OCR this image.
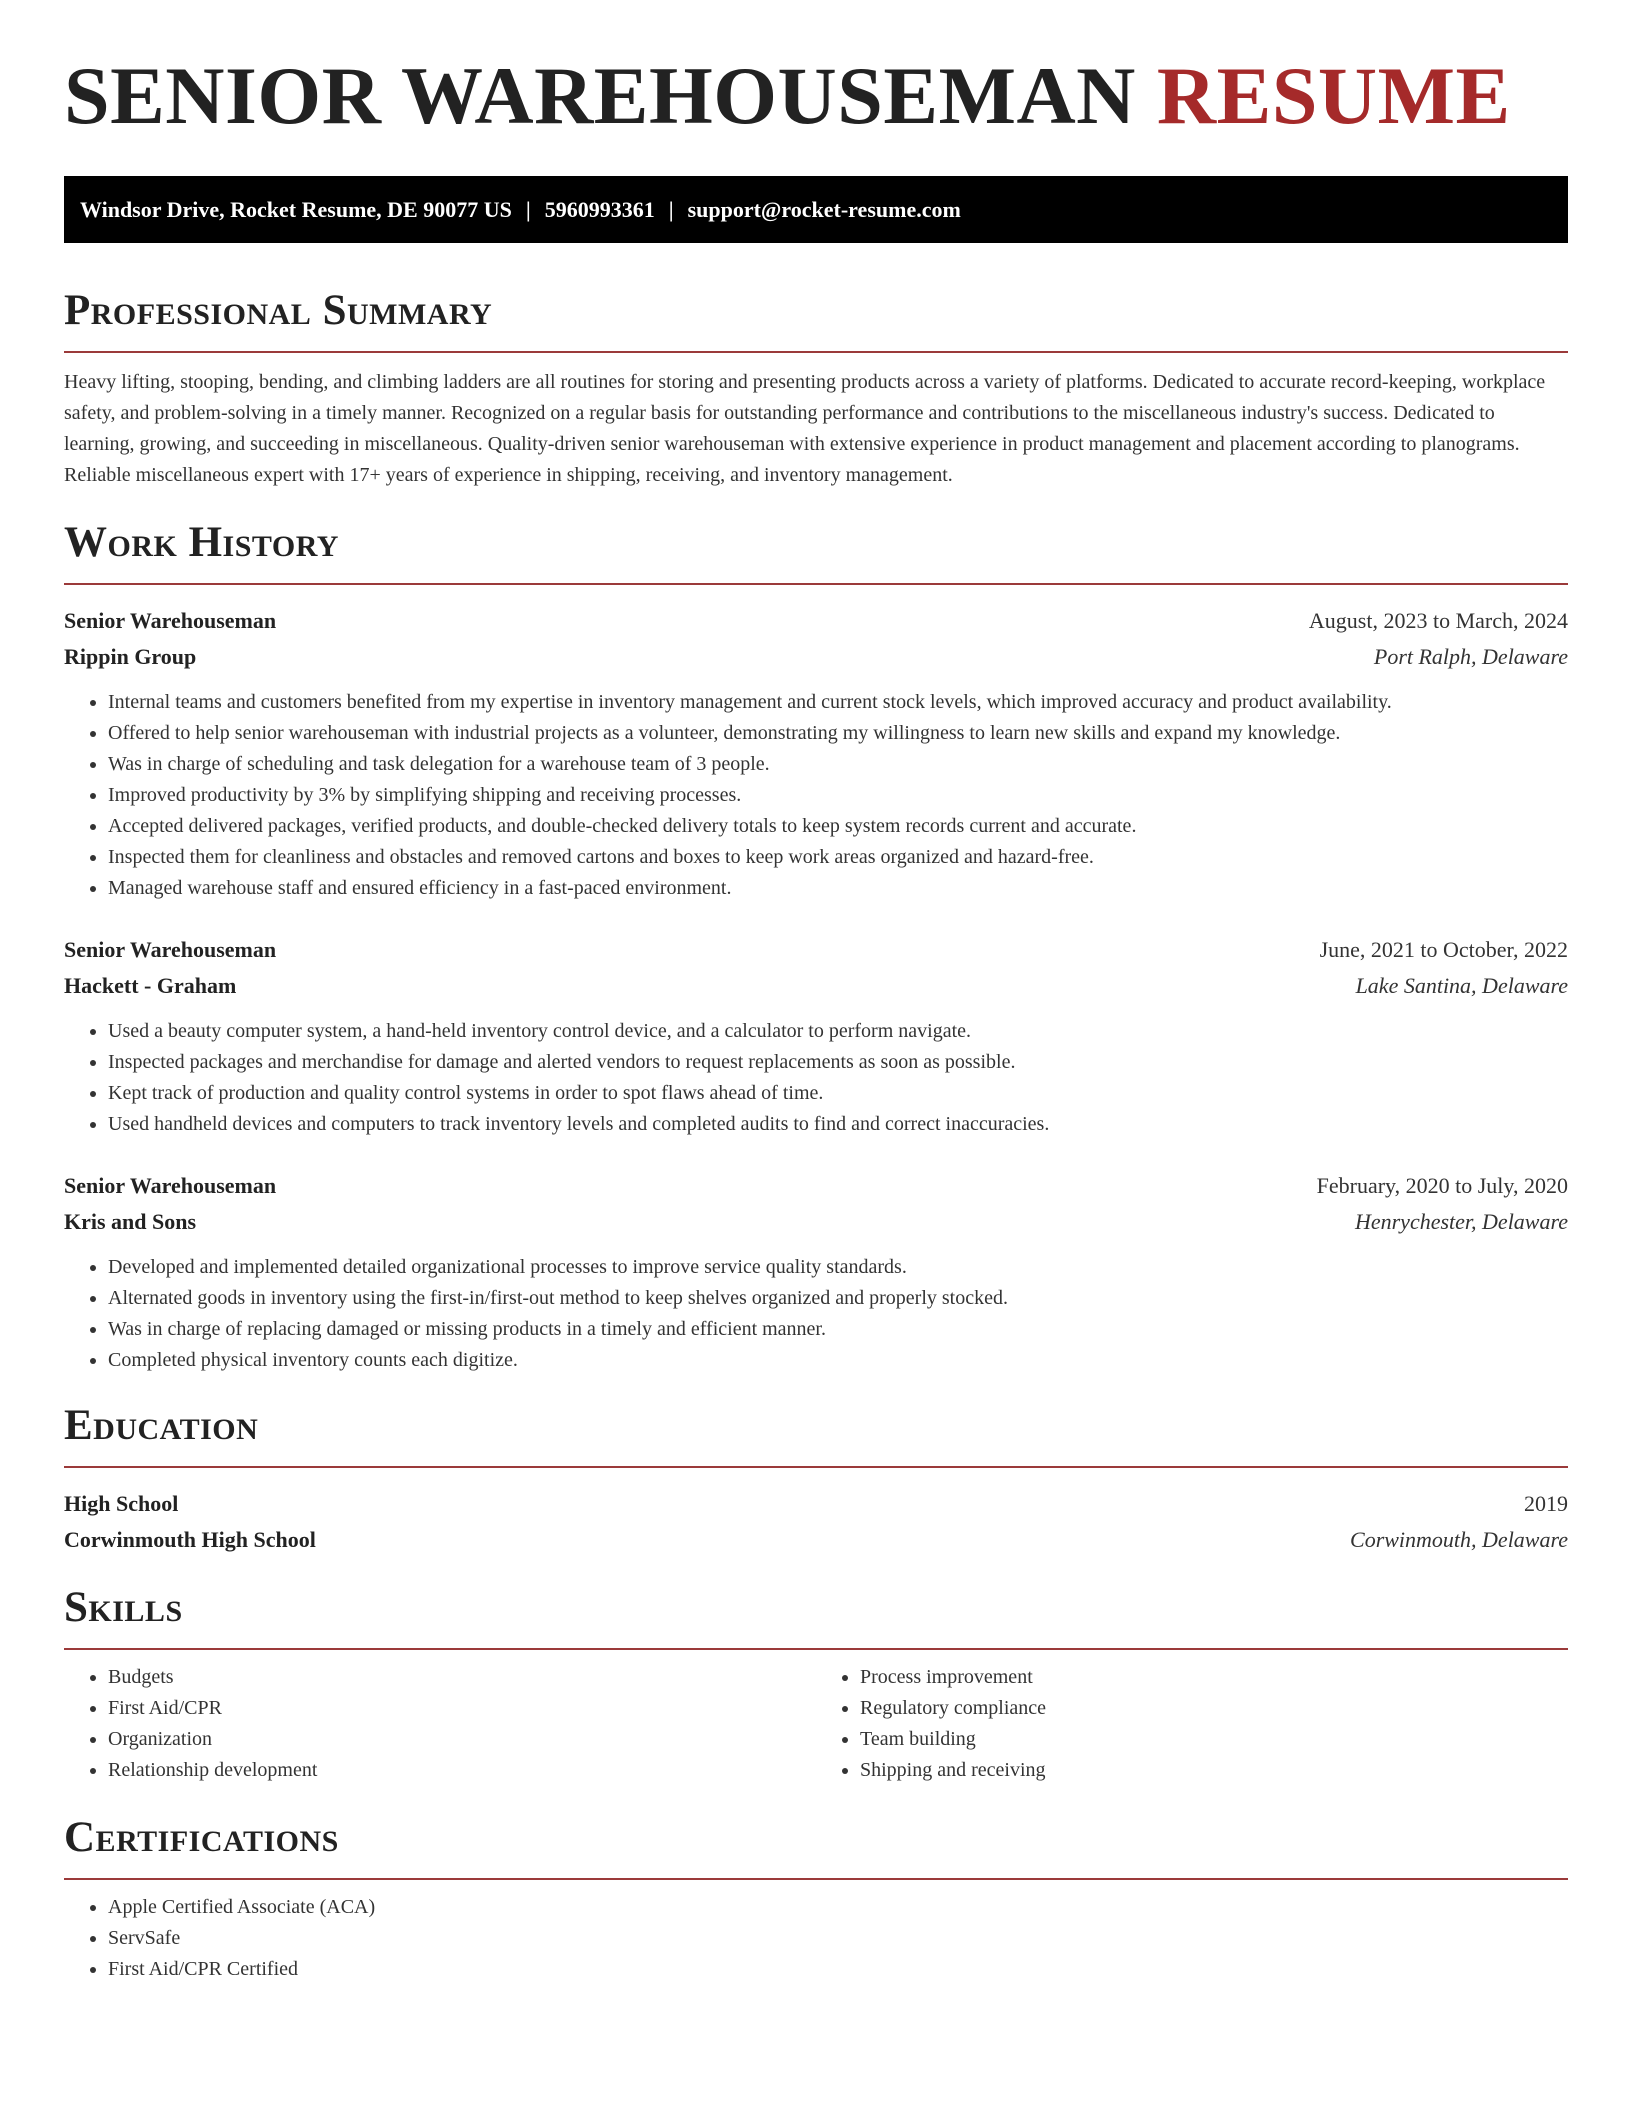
SENIOR WAREHOUSEMAN RESUME
Windsor Drive, Rocket Resume, DE 90077 US | 5960993361 | support@rocket-resume.com
Professional Summary

Heavy lifting, stooping, bending, and climbing ladders are all routines for storing and presenting products across a variety of platforms. Dedicated to accurate record-keeping, workplace safety, and problem-solving in a timely manner. Recognized on a regular basis for outstanding performance and contributions to the miscellaneous industry's success. Dedicated to learning, growing, and succeeding in miscellaneous. Quality-driven senior warehouseman with extensive experience in product management and placement according to planograms. Reliable miscellaneous expert with 17+ years of experience in shipping, receiving, and inventory management.

Work History
Senior Warehouseman	August, 2023 to March, 2024
Rippin Group	Port Ralph, Delaware
• Internal teams and customers benefited from my expertise in inventory management and current stock levels, which improved accuracy and product availability.
• Offered to help senior warehouseman with industrial projects as a volunteer, demonstrating my willingness to learn new skills and expand my knowledge.
• Was in charge of scheduling and task delegation for a warehouse team of 3 people.
• Improved productivity by 3% by simplifying shipping and receiving processes.
• Accepted delivered packages, verified products, and double-checked delivery totals to keep system records current and accurate.
• Inspected them for cleanliness and obstacles and removed cartons and boxes to keep work areas organized and hazard-free.
• Managed warehouse staff and ensured efficiency in a fast-paced environment.
Senior Warehouseman	June, 2021 to October, 2022
Hackett - Graham	Lake Santina, Delaware
• Used a beauty computer system, a hand-held inventory control device, and a calculator to perform navigate.
• Inspected packages and merchandise for damage and alerted vendors to request replacements as soon as possible.
• Kept track of production and quality control systems in order to spot flaws ahead of time.
• Used handheld devices and computers to track inventory levels and completed audits to find and correct inaccuracies.
Senior Warehouseman	February, 2020 to July, 2020
Kris and Sons	Henrychester, Delaware
• Developed and implemented detailed organizational processes to improve service quality standards.
• Alternated goods in inventory using the first-in/first-out method to keep shelves organized and properly stocked.
• Was in charge of replacing damaged or missing products in a timely and efficient manner.
• Completed physical inventory counts each digitize.
Education
High School	2019
Corwinmouth High School	Corwinmouth, Delaware
Skills
• Budgets
• First Aid/CPR
• Organization
• Relationship development
• Process improvement
• Regulatory compliance
• Team building
• Shipping and receiving
Certifications
• Apple Certified Associate (ACA)
• ServSafe
• First Aid/CPR Certified
